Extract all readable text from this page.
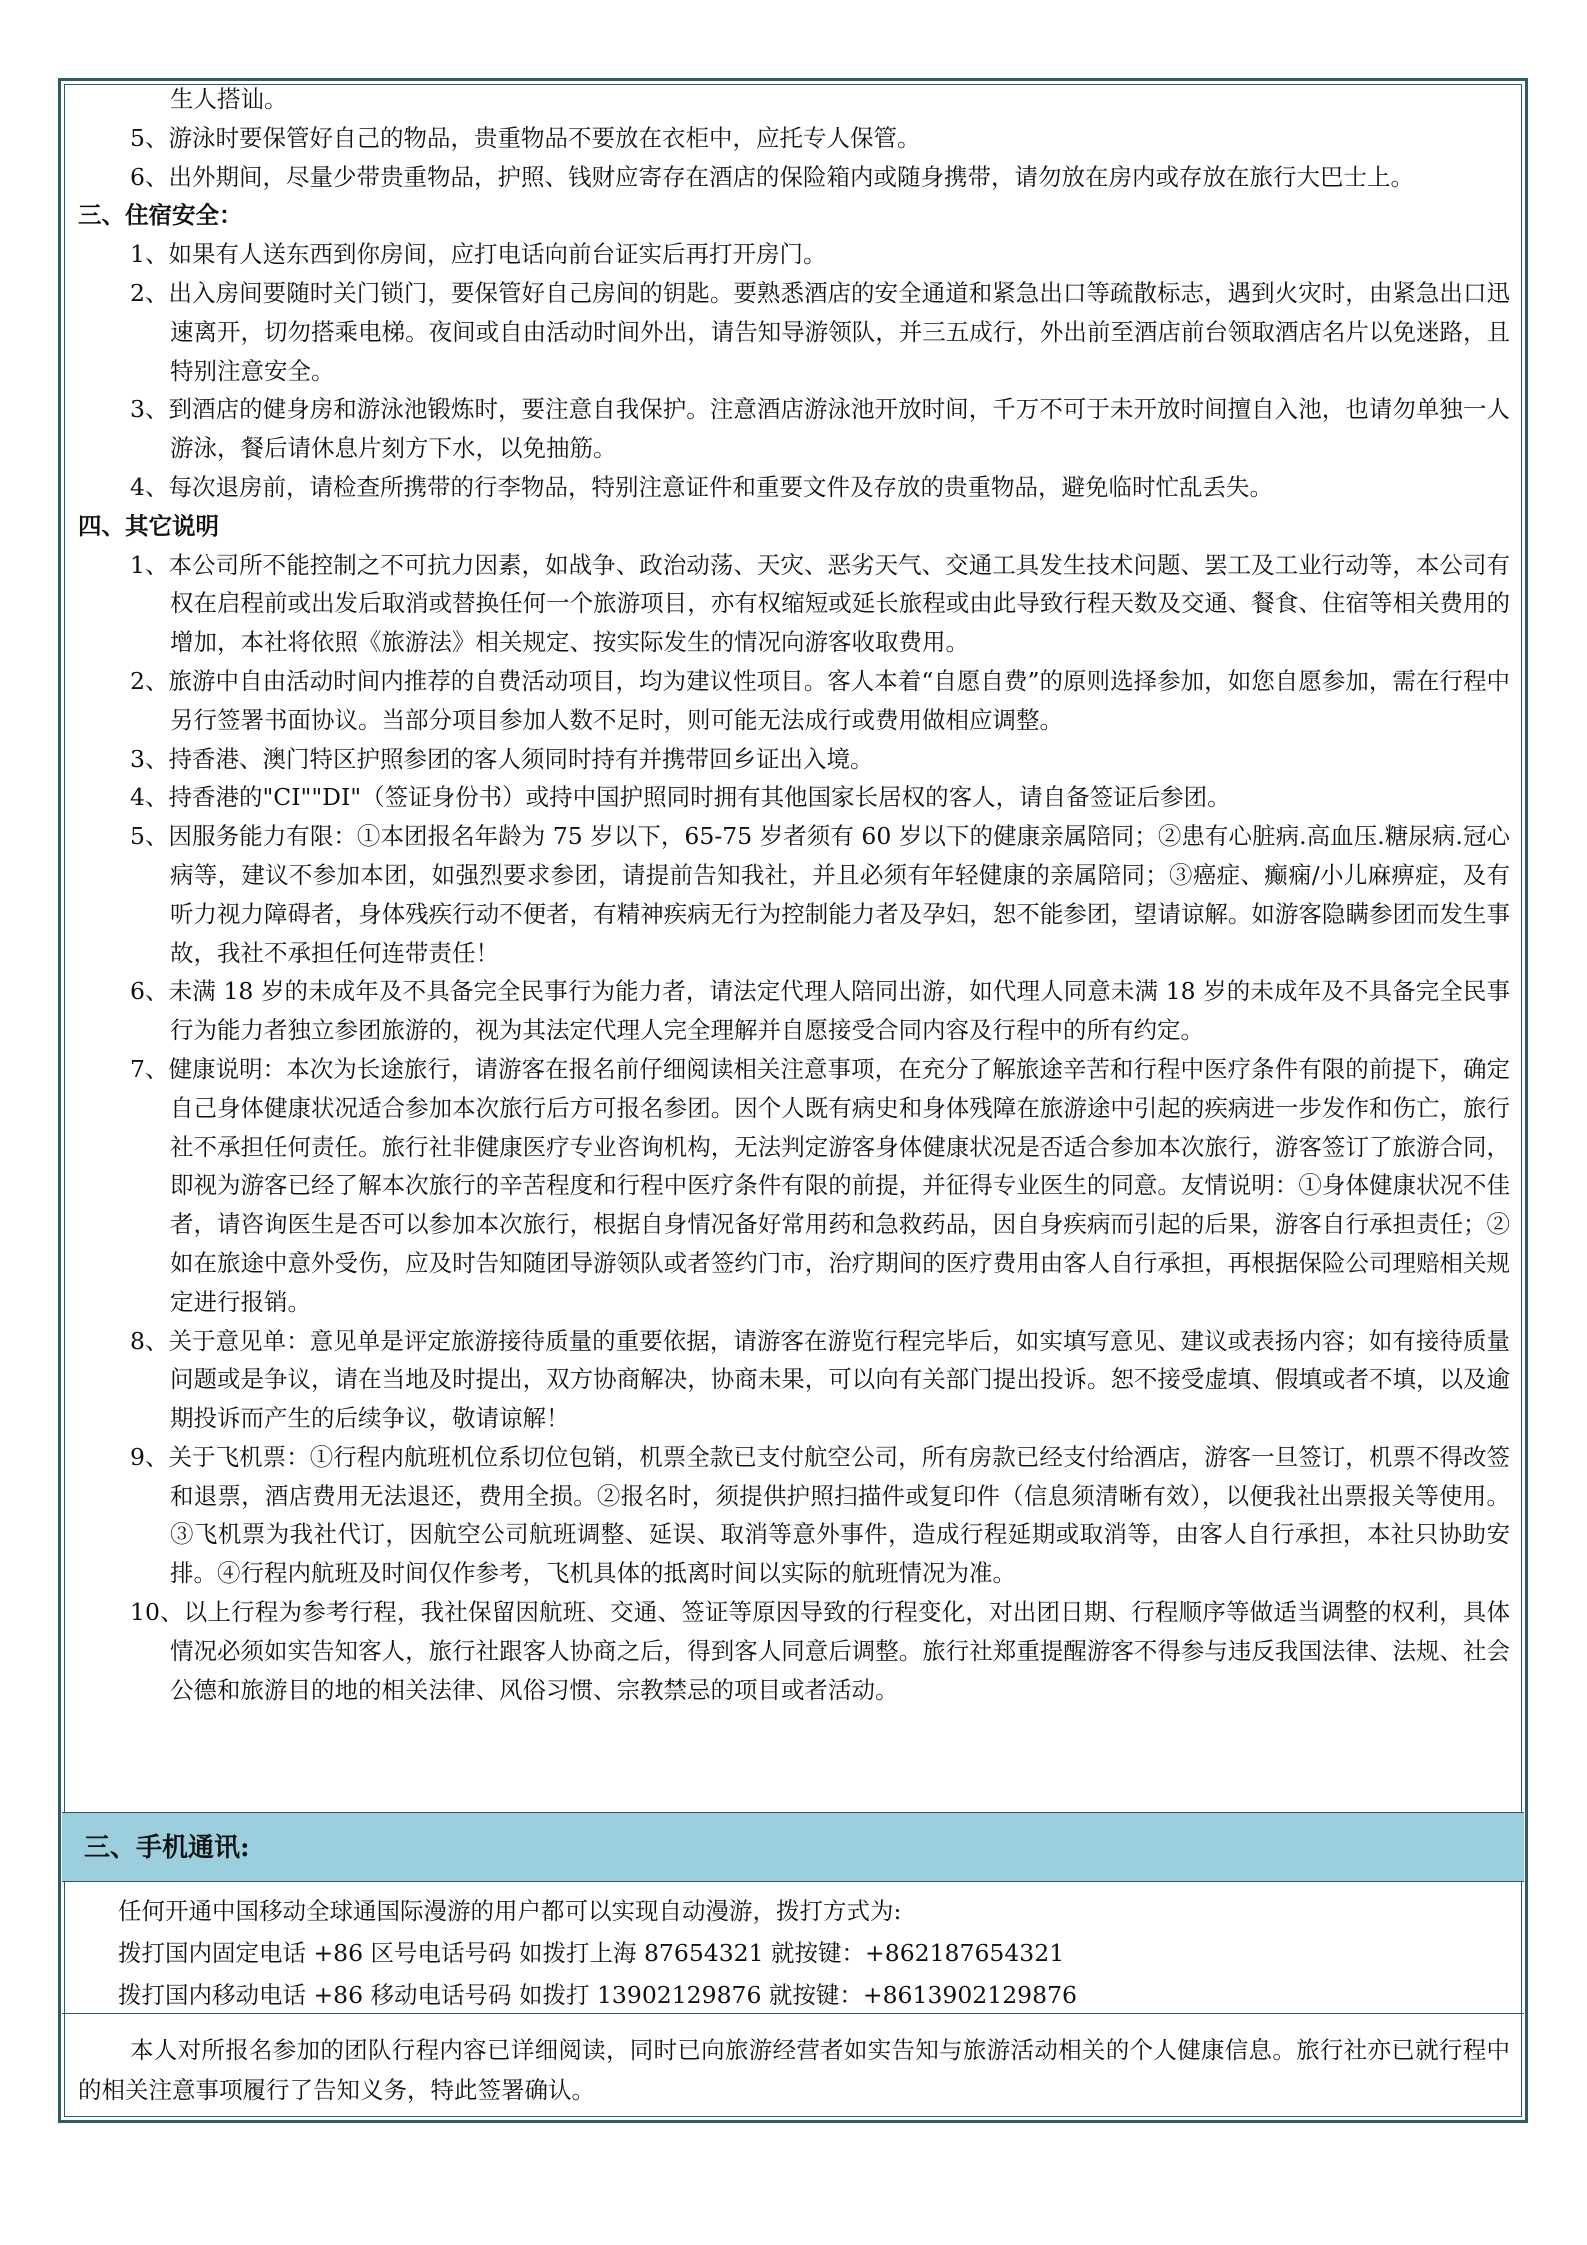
生人搭讪。

5、游泳时要保管好自己的物品，贵重物品不要放在衣柜中，应托专人保管。

6、出外期间，尽量少带贵重物品，护照、钱财应寄存在酒店的保险箱内或随身携带，请勿放在房内或存放在旅行大巴士上。

三、住宿安全：

1、如果有人送东西到你房间，应打电话向前台证实后再打开房门。

2、出入房间要随时关门锁门，要保管好自己房间的钥匙。要熟悉酒店的安全通道和紧急出口等疏散标志，遇到火灾时，由紧急出口迅速离开，切勿搭乘电梯。夜间或自由活动时间外出，请告知导游领队，并三五成行，外出前至酒店前台领取酒店名片以免迷路，且特别注意安全。

3、到酒店的健身房和游泳池锻炼时，要注意自我保护。注意酒店游泳池开放时间，千万不可于未开放时间擅自入池，也请勿单独一人游泳，餐后请休息片刻方下水，以免抽筋。

4、每次退房前，请检查所携带的行李物品，特别注意证件和重要文件及存放的贵重物品，避免临时忙乱丢失。

四、其它说明

1、本公司所不能控制之不可抗力因素，如战争、政治动荡、天灾、恶劣天气、交通工具发生技术问题、罢工及工业行动等，本公司有权在启程前或出发后取消或替换任何一个旅游项目，亦有权缩短或延长旅程或由此导致行程天数及交通、餐食、住宿等相关费用的增加，本社将依照《旅游法》相关规定、按实际发生的情况向游客收取费用。

2、旅游中自由活动时间内推荐的自费活动项目，均为建议性项目。客人本着“自愿自费”的原则选择参加，如您自愿参加，需在行程中另行签署书面协议。当部分项目参加人数不足时，则可能无法成行或费用做相应调整。

3、持香港、澳门特区护照参团的客人须同时持有并携带回乡证出入境。

4、持香港的"CI""DI"（签证身份书）或持中国护照同时拥有其他国家长居权的客人，请自备签证后参团。

5、因服务能力有限：①本团报名年龄为 75 岁以下，65-75 岁者须有 60 岁以下的健康亲属陪同；②患有心脏病.高血压.糖尿病.冠心病等，建议不参加本团，如强烈要求参团，请提前告知我社，并且必须有年轻健康的亲属陪同；③癌症、癫痫/小儿麻痹症，及有听力视力障碍者，身体残疾行动不便者，有精神疾病无行为控制能力者及孕妇，恕不能参团，望请谅解。如游客隐瞒参团而发生事故，我社不承担任何连带责任！

6、未满 18 岁的未成年及不具备完全民事行为能力者，请法定代理人陪同出游，如代理人同意未满 18 岁的未成年及不具备完全民事行为能力者独立参团旅游的，视为其法定代理人完全理解并自愿接受合同内容及行程中的所有约定。

7、健康说明：本次为长途旅行，请游客在报名前仔细阅读相关注意事项，在充分了解旅途辛苦和行程中医疗条件有限的前提下，确定自己身体健康状况适合参加本次旅行后方可报名参团。因个人既有病史和身体残障在旅游途中引起的疾病进一步发作和伤亡，旅行社不承担任何责任。旅行社非健康医疗专业咨询机构，无法判定游客身体健康状况是否适合参加本次旅行，游客签订了旅游合同，即视为游客已经了解本次旅行的辛苦程度和行程中医疗条件有限的前提，并征得专业医生的同意。友情说明：①身体健康状况不佳者，请咨询医生是否可以参加本次旅行，根据自身情况备好常用药和急救药品，因自身疾病而引起的后果，游客自行承担责任；②如在旅途中意外受伤，应及时告知随团导游领队或者签约门市，治疗期间的医疗费用由客人自行承担，再根据保险公司理赔相关规定进行报销。

8、关于意见单：意见单是评定旅游接待质量的重要依据，请游客在游览行程完毕后，如实填写意见、建议或表扬内容；如有接待质量问题或是争议，请在当地及时提出，双方协商解决，协商未果，可以向有关部门提出投诉。恕不接受虚填、假填或者不填，以及逾期投诉而产生的后续争议，敬请谅解！

9、关于飞机票：①行程内航班机位系切位包销，机票全款已支付航空公司，所有房款已经支付给酒店，游客一旦签订，机票不得改签和退票，酒店费用无法退还，费用全损。②报名时，须提供护照扫描件或复印件（信息须清晰有效），以便我社出票报关等使用。③飞机票为我社代订，因航空公司航班调整、延误、取消等意外事件，造成行程延期或取消等，由客人自行承担，本社只协助安排。④行程内航班及时间仅作参考，飞机具体的抵离时间以实际的航班情况为准。

10、以上行程为参考行程，我社保留因航班、交通、签证等原因导致的行程变化，对出团日期、行程顺序等做适当调整的权利，具体情况必须如实告知客人，旅行社跟客人协商之后，得到客人同意后调整。旅行社郑重提醒游客不得参与违反我国法律、法规、社会公德和旅游目的地的相关法律、风俗习惯、宗教禁忌的项目或者活动。

三、手机通讯:
任何开通中国移动全球通国际漫游的用户都可以实现自动漫游，拨打方式为:
拨打国内固定电话 +86 区号电话号码 如拨打上海 87654321 就按键：+862187654321
拨打国内移动电话 +86 移动电话号码 如拨打 13902129876 就按键：+8613902129876

本人对所报名参加的团队行程内容已详细阅读，同时已向旅游经营者如实告知与旅游活动相关的个人健康信息。旅行社亦已就行程中的相关注意事项履行了告知义务，特此签署确认。
